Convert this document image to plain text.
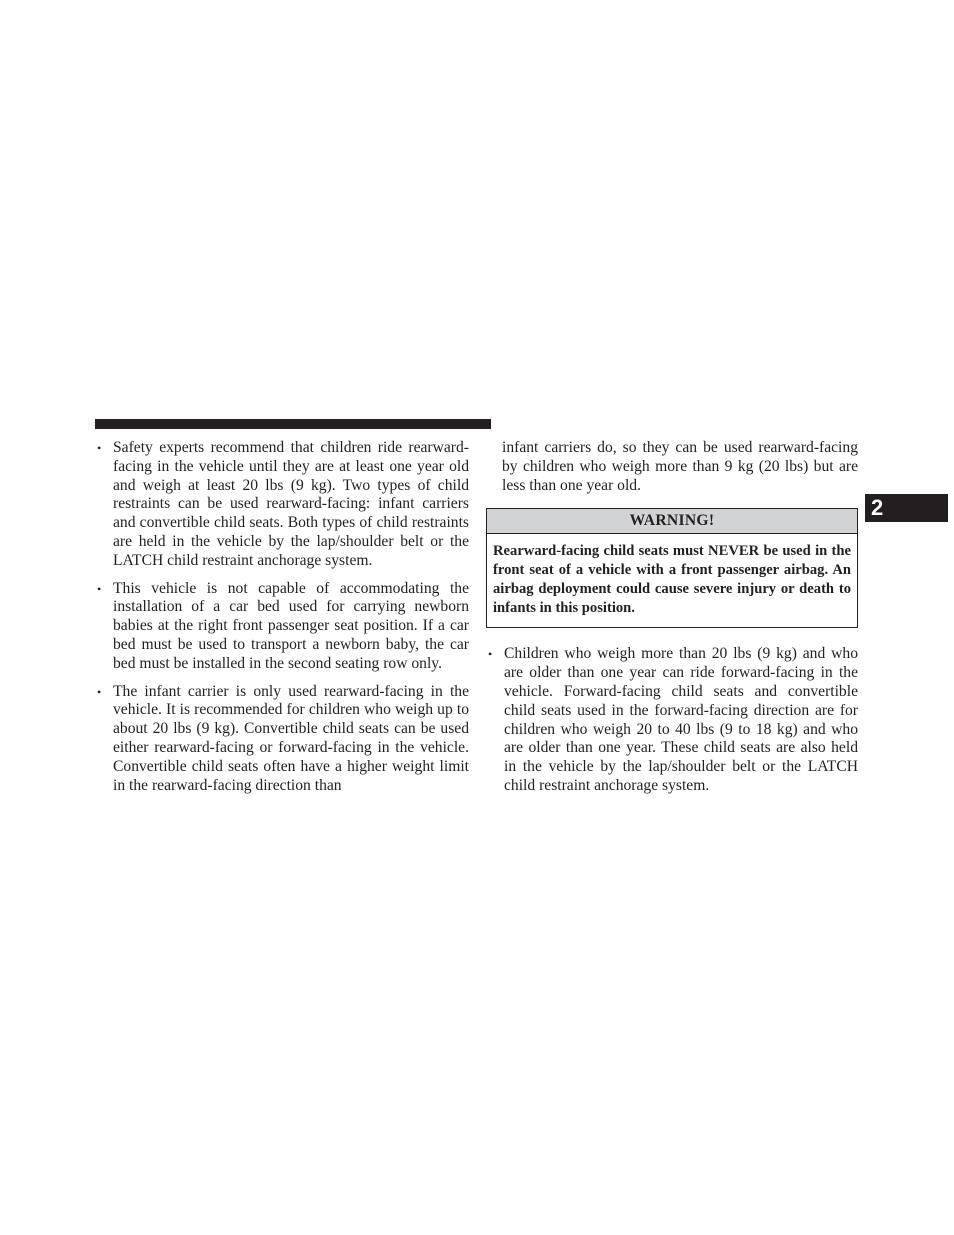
2
• Safety experts recommend that children ride rearward-facing in the vehicle until they are at least one year old and weigh at least 20 lbs (9 kg). Two types of child restraints can be used rearward-facing: infant carriers and convertible child seats. Both types of child restraints are held in the vehicle by the lap/shoulder belt or the LATCH child restraint anchorage system.
• This vehicle is not capable of accommodating the installation of a car bed used for carrying newborn babies at the right front passenger seat position. If a car bed must be used to transport a newborn baby, the car bed must be installed in the second seating row only.
• The infant carrier is only used rearward-facing in the vehicle. It is recommended for children who weigh up to about 20 lbs (9 kg). Convertible child seats can be used either rearward-facing or forward-facing in the vehicle. Convertible child seats often have a higher weight limit in the rearward-facing direction than
infant carriers do, so they can be used rearward-facing by children who weigh more than 9 kg (20 lbs) but are less than one year old.
WARNING!
Rearward-facing child seats must NEVER be used in the front seat of a vehicle with a front passenger airbag. An airbag deployment could cause severe injury or death to infants in this position.
• Children who weigh more than 20 lbs (9 kg) and who are older than one year can ride forward-facing in the vehicle. Forward-facing child seats and convertible child seats used in the forward-facing direction are for children who weigh 20 to 40 lbs (9 to 18 kg) and who are older than one year. These child seats are also held in the vehicle by the lap/shoulder belt or the LATCH child restraint anchorage system.
